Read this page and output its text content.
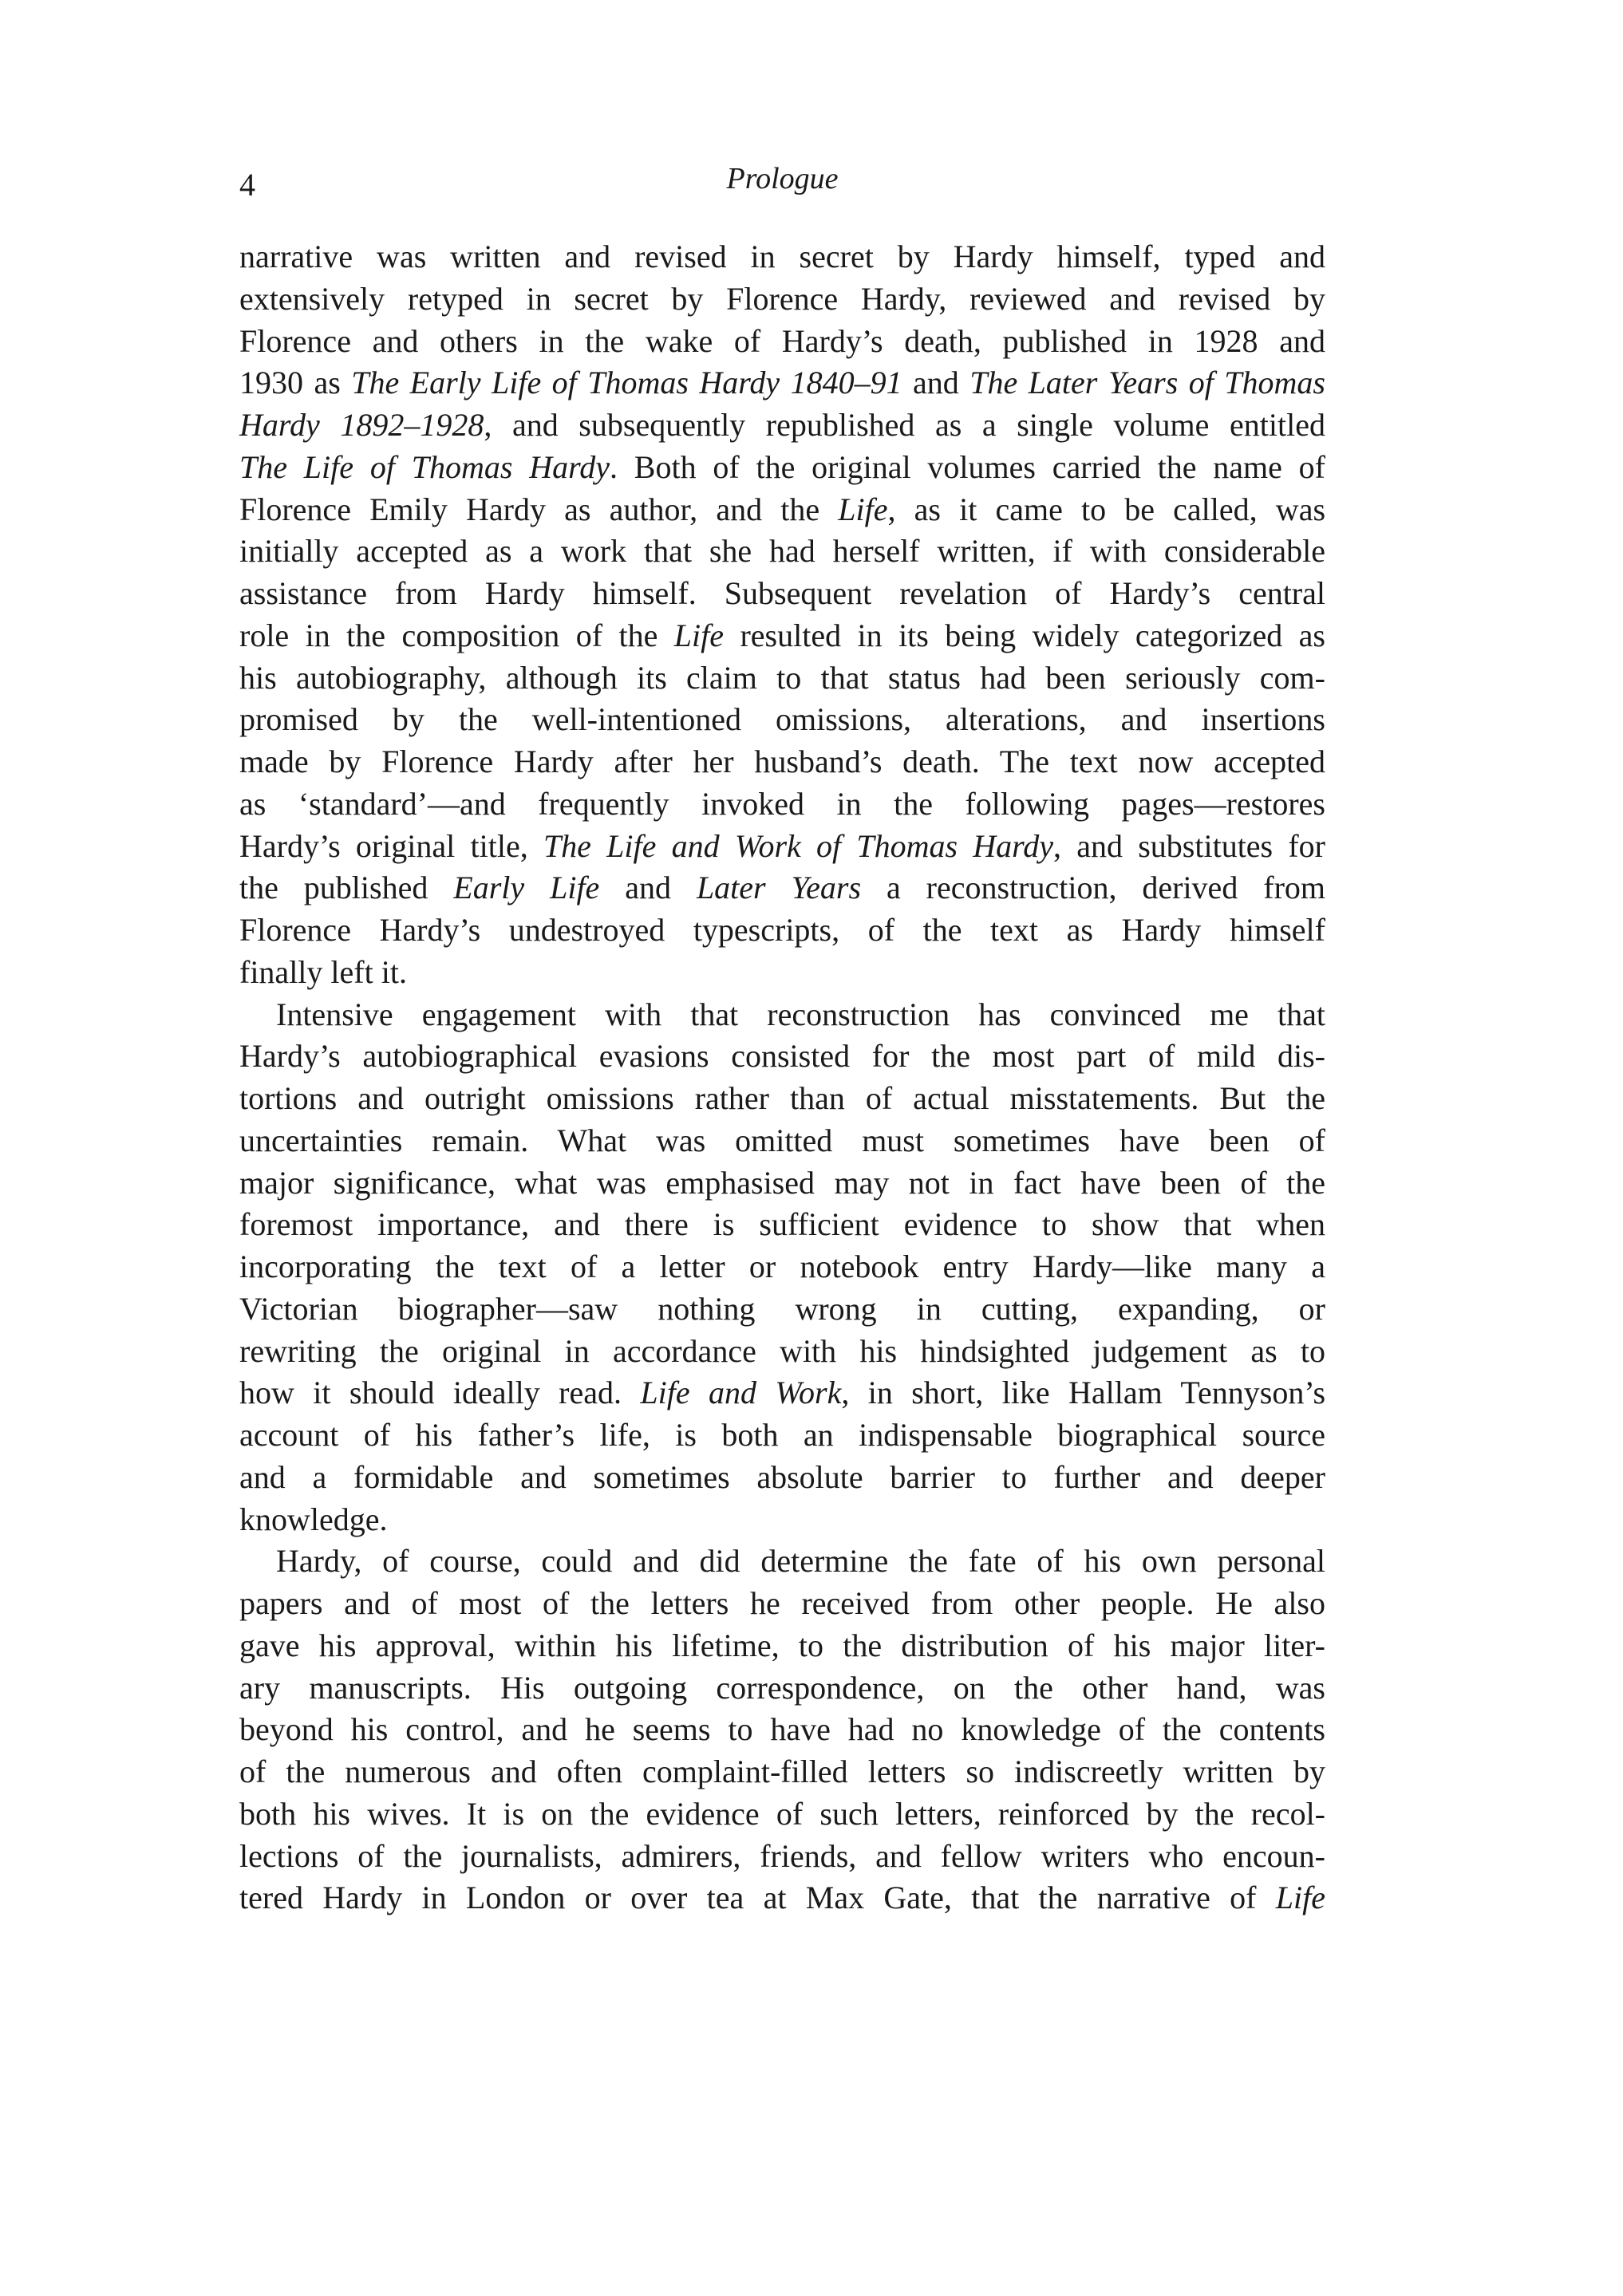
4	Prologue
narrative was written and revised in secret by Hardy himself, typed and
extensively retyped in secret by Florence Hardy, reviewed and revised by
Florence and others in the wake of Hardy’s death, published in 1928 and
1930 as The Early Life of Thomas Hardy 1840–91 and The Later Years of Thomas
Hardy 1892–1928, and subsequently republished as a single volume entitled
The Life of Thomas Hardy. Both of the original volumes carried the name of
Florence Emily Hardy as author, and the Life, as it came to be called, was
initially accepted as a work that she had herself written, if with considerable
assistance from Hardy himself. Subsequent revelation of Hardy’s central
role in the composition of the Life resulted in its being widely categorized as
his autobiography, although its claim to that status had been seriously com-
promised by the well-intentioned omissions, alterations, and insertions
made by Florence Hardy after her husband’s death. The text now accepted
as ‘standard’—and frequently invoked in the following pages—restores
Hardy’s original title, The Life and Work of Thomas Hardy, and substitutes for
the published Early Life and Later Years a reconstruction, derived from
Florence Hardy’s undestroyed typescripts, of the text as Hardy himself
finally left it.
Intensive engagement with that reconstruction has convinced me that
Hardy’s autobiographical evasions consisted for the most part of mild dis-
tortions and outright omissions rather than of actual misstatements. But the
uncertainties remain. What was omitted must sometimes have been of
major significance, what was emphasised may not in fact have been of the
foremost importance, and there is sufficient evidence to show that when
incorporating the text of a letter or notebook entry Hardy—like many a
Victorian biographer—saw nothing wrong in cutting, expanding, or
rewriting the original in accordance with his hindsighted judgement as to
how it should ideally read. Life and Work, in short, like Hallam Tennyson’s
account of his father’s life, is both an indispensable biographical source
and a formidable and sometimes absolute barrier to further and deeper
knowledge.
Hardy, of course, could and did determine the fate of his own personal
papers and of most of the letters he received from other people. He also
gave his approval, within his lifetime, to the distribution of his major liter-
ary manuscripts. His outgoing correspondence, on the other hand, was
beyond his control, and he seems to have had no knowledge of the contents
of the numerous and often complaint-filled letters so indiscreetly written by
both his wives. It is on the evidence of such letters, reinforced by the recol-
lections of the journalists, admirers, friends, and fellow writers who encoun-
tered Hardy in London or over tea at Max Gate, that the narrative of Life
